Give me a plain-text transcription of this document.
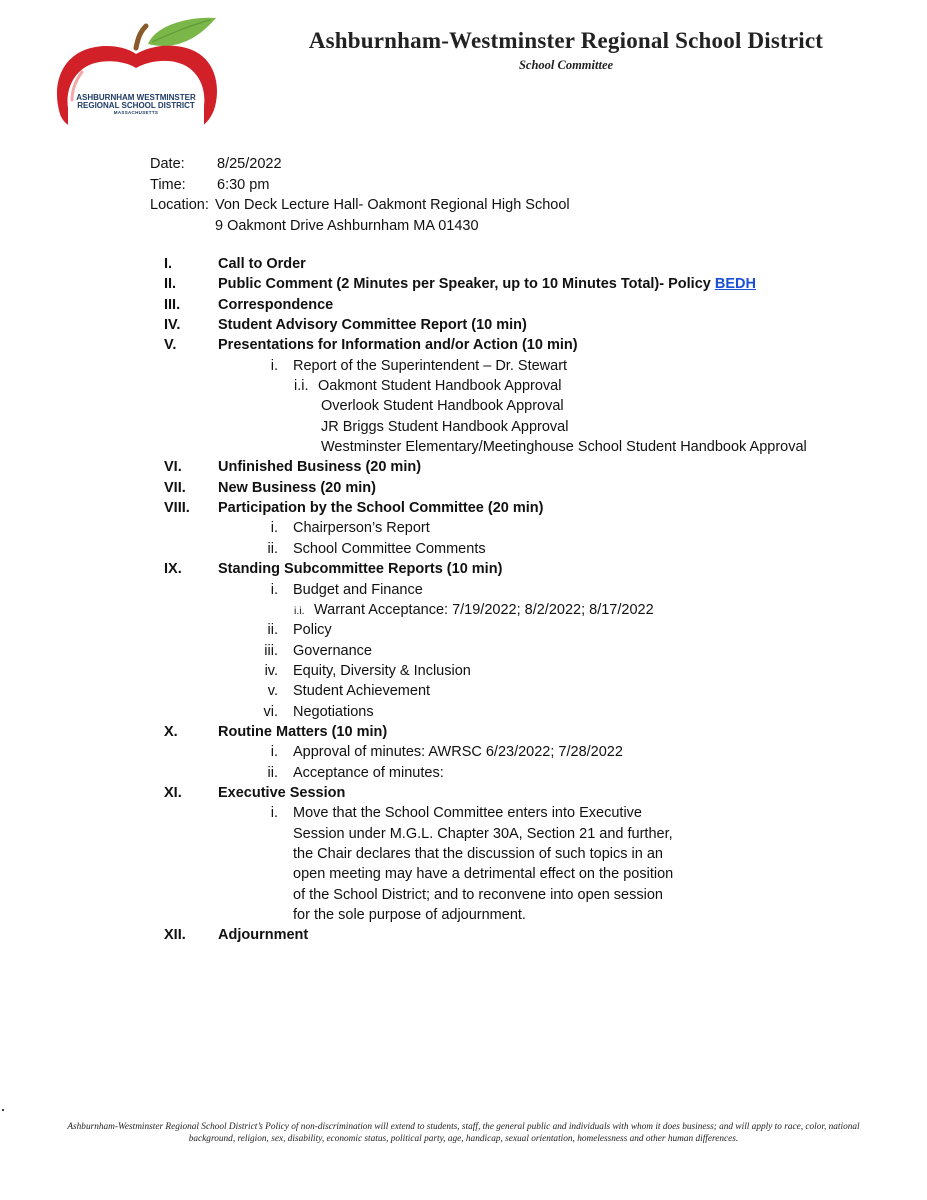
ASHBURNHAM WESTMINSTER
REGIONAL SCHOOL DISTRICT
MASSACHUSETTS
Ashburnham-Westminster Regional School District
School Committee
Date: 8/25/2022
Time: 6:30 pm
Location: Von Deck Lecture Hall- Oakmont Regional High School
9 Oakmont Drive Ashburnham MA 01430
I.	Call to Order
II.	Public Comment (2 Minutes per Speaker, up to 10 Minutes Total)- Policy BEDH
III.	Correspondence
IV.	Student Advisory Committee Report (10 min)
V.	Presentations for Information and/or Action (10 min)
i. Report of the Superintendent – Dr. Stewart
i.i. Oakmont Student Handbook Approval
Overlook Student Handbook Approval
JR Briggs Student Handbook Approval
Westminster Elementary/Meetinghouse School Student Handbook Approval
VI.	Unfinished Business (20 min)
VII. New Business (20 min)
VIII. Participation by the School Committee (20 min)
i. Chairperson’s Report
ii. School Committee Comments
IX.	Standing Subcommittee Reports (10 min)
i. Budget and Finance
i.i. Warrant Acceptance: 7/19/2022; 8/2/2022; 8/17/2022
ii. Policy
iii. Governance
iv. Equity, Diversity & Inclusion
v. Student Achievement
vi. Negotiations
X.	Routine Matters (10 min)
i. Approval of minutes: AWRSC 6/23/2022; 7/28/2022
ii. Acceptance of minutes:
XI.	Executive Session
i. Move that the School Committee enters into Executive
Session under M.G.L. Chapter 30A, Section 21 and further,
the Chair declares that the discussion of such topics in an
open meeting may have a detrimental effect on the position
of the School District; and to reconvene into open session
for the sole purpose of adjournment.
XII. Adjournment
Ashburnham-Westminster Regional School District’s Policy of non-discrimination will extend to students, staff, the general public and individuals with whom it does business; and will apply to race, color, national
background, religion, sex, disability, economic status, political party, age, handicap, sexual orientation, homelessness and other human differences.
